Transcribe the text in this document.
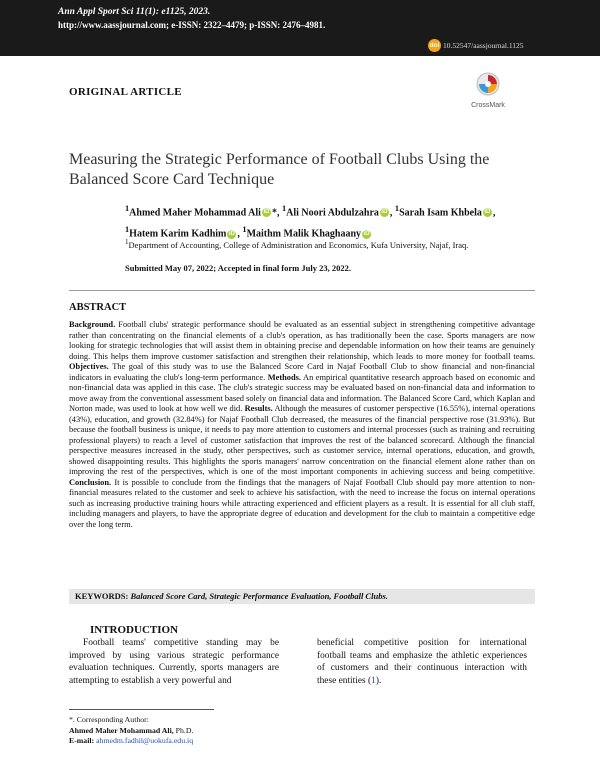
Ann Appl Sport Sci 11(1): e1125, 2023.
http://www.aassjournal.com; e-ISSN: 2322–4479; p-ISSN: 2476–4981.
doi 10.52547/aassjournal.1125
ORIGINAL ARTICLE
CrossMark
Measuring the Strategic Performance of Football Clubs Using the Balanced Score Card Technique
$^1$Ahmed Maher Mohammad Ali iD *, $^1$Ali Noori Abdulzahra iD , $^1$Sarah Isam Khbela iD ,
$^1$Hatem Karim Kadhim iD , $^1$Maithm Malik Khaghaany iD
$^1$Department of Accounting, College of Administration and Economics, Kufa University, Najaf, Iraq.
Submitted May 07, 2022; Accepted in final form July 23, 2022.
ABSTRACT
Background. Football clubs' strategic performance should be evaluated as an essential subject in strengthening competitive advantage rather than concentrating on the financial elements of a club's operation, as has traditionally been the case. Sports managers are now looking for strategic technologies that will assist them in obtaining precise and dependable information on how their teams are genuinely doing. This helps them improve customer satisfaction and strengthen their relationship, which leads to more money for football teams. Objectives. The goal of this study was to use the Balanced Score Card in Najaf Football Club to show financial and non-financial indicators in evaluating the club's long-term performance. Methods. An empirical quantitative research approach based on economic and non-financial data was applied in this case. The club's strategic success may be evaluated based on non-financial data and information to move away from the conventional assessment based solely on financial data and information. The Balanced Score Card, which Kaplan and Norton made, was used to look at how well we did. Results. Although the measures of customer perspective (16.55%), internal operations (43%), education, and growth (32.84%) for Najaf Football Club decreased, the measures of the financial perspective rose (31.93%). But because the football business is unique, it needs to pay more attention to customers and internal processes (such as training and recruiting professional players) to reach a level of customer satisfaction that improves the rest of the balanced scorecard. Although the financial perspective measures increased in the study, other perspectives, such as customer service, internal operations, education, and growth, showed disappointing results. This highlights the sports managers' narrow concentration on the financial element alone rather than on improving the rest of the perspectives, which is one of the most important components in achieving success and being competitive. Conclusion. It is possible to conclude from the findings that the managers of Najaf Football Club should pay more attention to non-financial measures related to the customer and seek to achieve his satisfaction, with the need to increase the focus on internal operations such as increasing productive training hours while attracting experienced and efficient players as a result. It is essential for all club staff, including managers and players, to have the appropriate degree of education and development for the club to maintain a competitive edge over the long term.
KEYWORDS: Balanced Score Card, Strategic Performance Evaluation, Football Clubs.
INTRODUCTION
Football teams' competitive standing may be improved by using various strategic performance evaluation techniques. Currently, sports managers are attempting to establish a very powerful and
beneficial competitive position for international football teams and emphasize the athletic experiences of customers and their continuous interaction with these entities (1).
*. Corresponding Author:
Ahmed Maher Mohammad Ali, Ph.D.
E-mail: ahmedm.fadhil@uokufa.edu.iq
